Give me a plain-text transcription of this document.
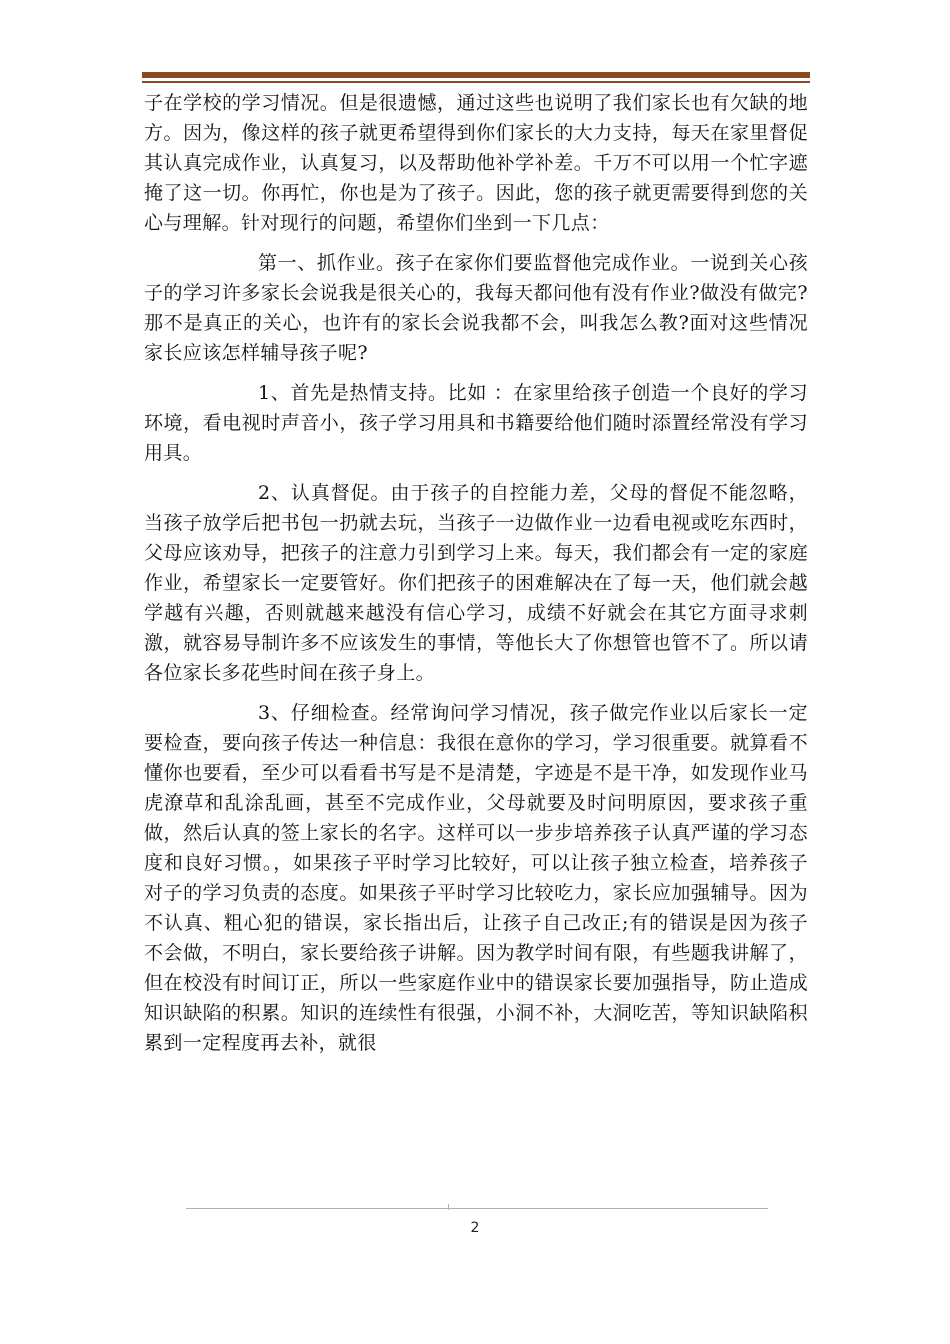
子在学校的学习情况。但是很遗憾，通过这些也说明了我们家长也有欠缺的地方。因为，像这样的孩子就更希望得到你们家长的大力支持，每天在家里督促其认真完成作业，认真复习，以及帮助他补学补差。千万不可以用一个忙字遮掩了这一切。你再忙，你也是为了孩子。因此，您的孩子就更需要得到您的关心与理解。针对现行的问题，希望你们坐到一下几点：

第一、抓作业。孩子在家你们要监督他完成作业。一说到关心孩子的学习许多家长会说我是很关心的，我每天都问他有没有作业?做没有做完?那不是真正的关心，也许有的家长会说我都不会，叫我怎么教?面对这些情况家长应该怎样辅导孩子呢?

1、首先是热情支持。比如 ：在家里给孩子创造一个良好的学习环境，看电视时声音小，孩子学习用具和书籍要给他们随时添置经常没有学习用具。

2、认真督促。由于孩子的自控能力差，父母的督促不能忽略，当孩子放学后把书包一扔就去玩，当孩子一边做作业一边看电视或吃东西时，父母应该劝导，把孩子的注意力引到学习上来。每天，我们都会有一定的家庭作业，希望家长一定要管好。你们把孩子的困难解决在了每一天，他们就会越学越有兴趣，否则就越来越没有信心学习，成绩不好就会在其它方面寻求刺激，就容易导制许多不应该发生的事情，等他长大了你想管也管不了。所以请各位家长多花些时间在孩子身上。

3、仔细检查。经常询问学习情况，孩子做完作业以后家长一定要检查，要向孩子传达一种信息：我很在意你的学习，学习很重要。就算看不懂你也要看，至少可以看看书写是不是清楚，字迹是不是干净，如发现作业马虎潦草和乱涂乱画，甚至不完成作业，父母就要及时问明原因，要求孩子重做，然后认真的签上家长的名字。这样可以一步步培养孩子认真严谨的学习态度和良好习惯。，如果孩子平时学习比较好，可以让孩子独立检查，培养孩子对子的学习负责的态度。如果孩子平时学习比较吃力，家长应加强辅导。因为不认真、粗心犯的错误，家长指出后，让孩子自己改正;有的错误是因为孩子不会做，不明白，家长要给孩子讲解。因为教学时间有限，有些题我讲解了，但在校没有时间订正，所以一些家庭作业中的错误家长要加强指导，防止造成知识缺陷的积累。知识的连续性有很强，小洞不补，大洞吃苦，等知识缺陷积累到一定程度再去补，就很

2
